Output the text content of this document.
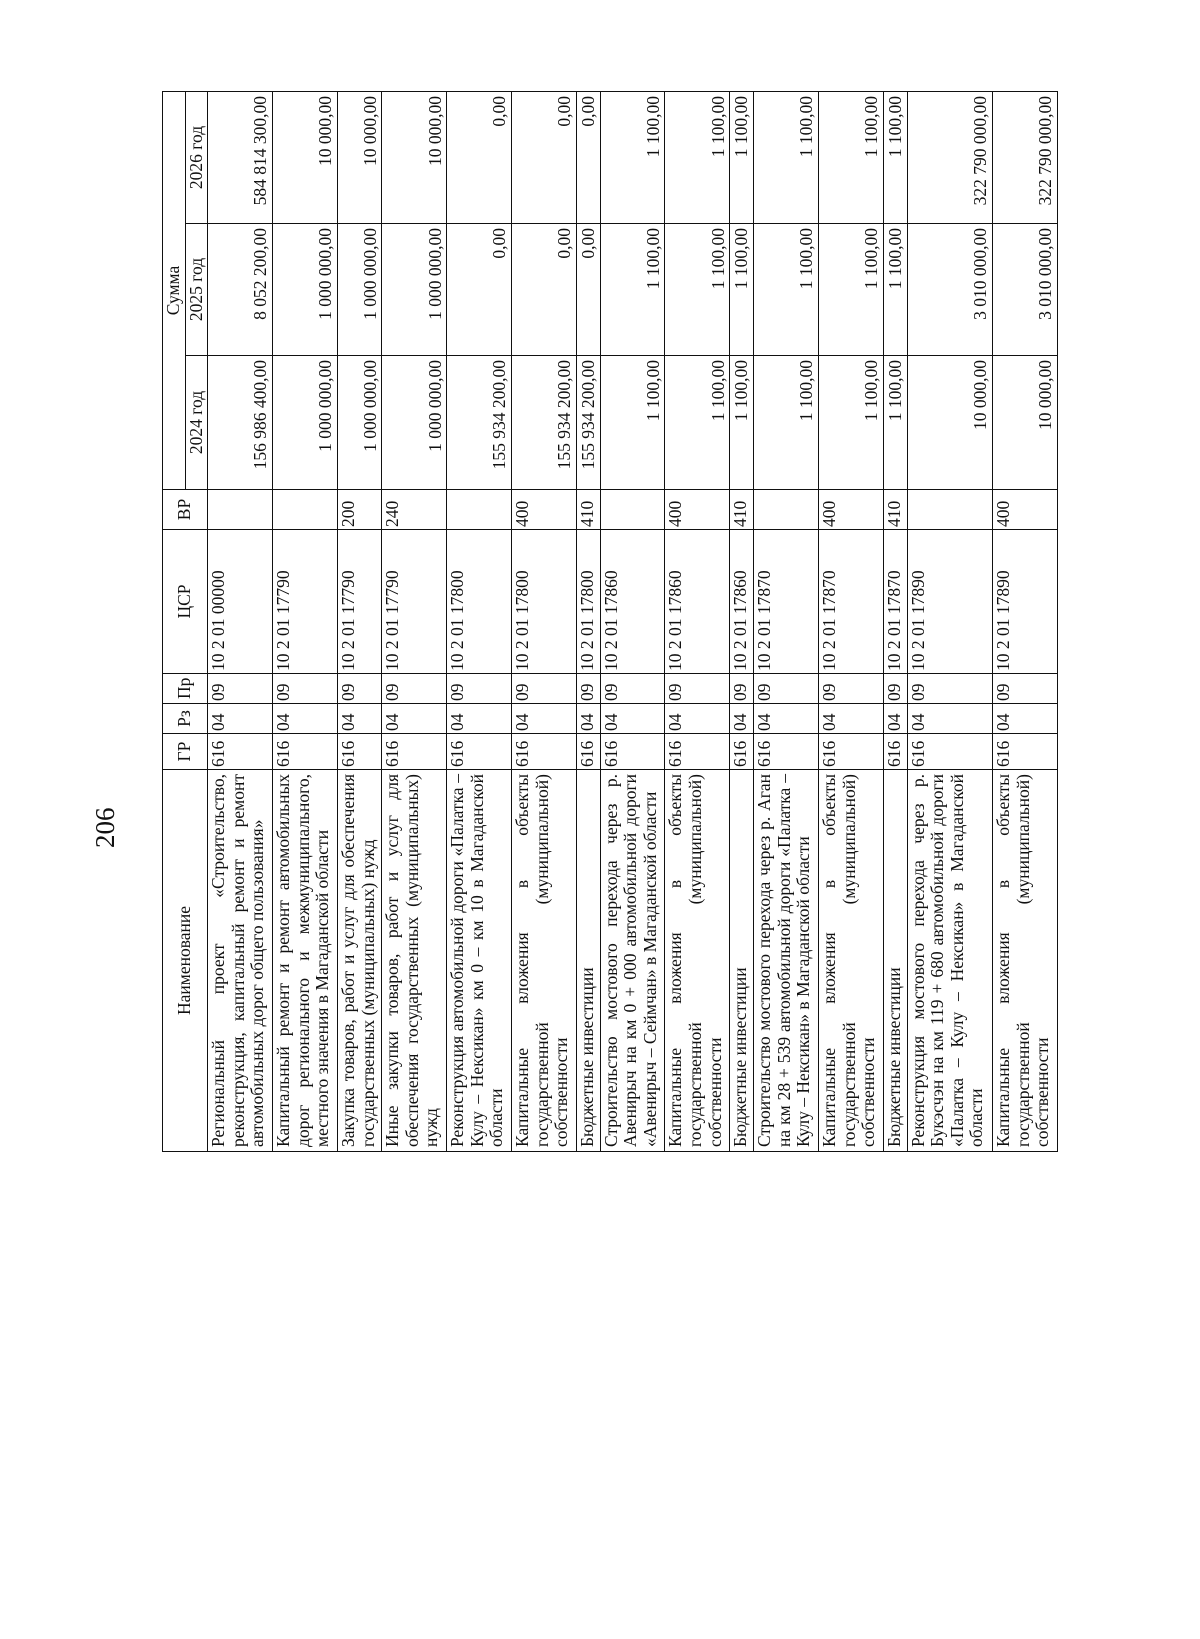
206
Наименование	ГР	Рз	Пр	ЦСР	ВР	Сумма		
						2024 год	2025 год	2026 год
Региональный проект «Строительство, реконструкция, капитальный ремонт и ремонт автомобильных дорог общего пользования»	616	04	09	10 2 01 00000		156 986 400,00	8 052 200,00	584 814 300,00
Капитальный ремонт и ремонт автомобильных дорог регионального и межмуниципального, местного значения в Магаданской области	616	04	09	10 2 01 17790		1 000 000,00	1 000 000,00	10 000,00
Закупка товаров, работ и услуг для обеспечения государственных (муниципальных) нужд	616	04	09	10 2 01 17790	200	1 000 000,00	1 000 000,00	10 000,00
Иные закупки товаров, работ и услуг для обеспечения государственных (муниципальных) нужд	616	04	09	10 2 01 17790	240	1 000 000,00	1 000 000,00	10 000,00
Реконструкция автомобильной дороги «Палатка – Кулу – Нексикан» км 0 – км 10 в Магаданской области	616	04	09	10 2 01 17800		155 934 200,00	0,00	0,00
Капитальные вложения в объекты государственной (муниципальной) собственности	616	04	09	10 2 01 17800	400	155 934 200,00	0,00	0,00
Бюджетные инвестиции	616	04	09	10 2 01 17800	410	155 934 200,00	0,00	0,00
Строительство мостового перехода через р. Авенирыч на км 0 + 000 автомобильной дороги «Авенирыч – Сеймчан» в Магаданской области	616	04	09	10 2 01 17860		1 100,00	1 100,00	1 100,00
Капитальные вложения в объекты государственной (муниципальной) собственности	616	04	09	10 2 01 17860	400	1 100,00	1 100,00	1 100,00
Бюджетные инвестиции	616	04	09	10 2 01 17860	410	1 100,00	1 100,00	1 100,00
Строительство мостового перехода через р. Аган на км 28 + 539 автомобильной дороги «Палатка – Кулу – Нексикан» в Магаданской области	616	04	09	10 2 01 17870		1 100,00	1 100,00	1 100,00
Капитальные вложения в объекты государственной (муниципальной) собственности	616	04	09	10 2 01 17870	400	1 100,00	1 100,00	1 100,00
Бюджетные инвестиции	616	04	09	10 2 01 17870	410	1 100,00	1 100,00	1 100,00
Реконструкция мостового перехода через р. Букэсчэн на км 119 + 680 автомобильной дороги «Палатка – Кулу – Нексикан» в Магаданской области	616	04	09	10 2 01 17890		10 000,00	3 010 000,00	322 790 000,00
Капитальные вложения в объекты государственной (муниципальной) собственности	616	04	09	10 2 01 17890	400	10 000,00	3 010 000,00	322 790 000,00
